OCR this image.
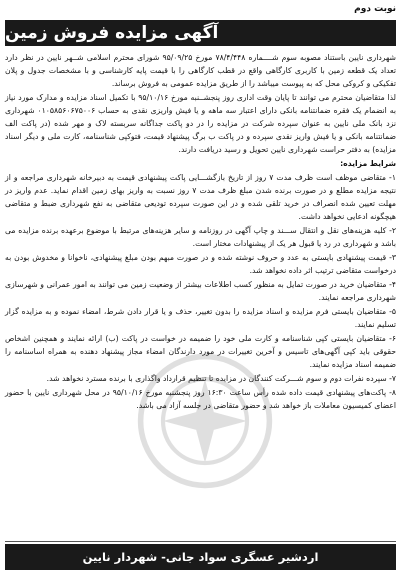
نوبت دوم
آگهی مزایده فروش زمین

شهرداری نایین باستناد مصوبه سوم شــــماره ۷۸/۴/۴۴۸ مورخ ۹۵/۰۹/۲۵ شورای محترم اسلامی شــهر نایین در نظر دارد تعداد یک قطعه زمین با کاربری کارگاهی واقع در قطب کارگاهی را با قیمت پایه کارشناسی و با مشخصات جدول و پلان تفکیکی و کروکی محل که به پیوست میباشد را از طریق مزایده عمومی به فروش برساند.

لذا متقاضیان محترم می توانند تا پایان وقت اداری روز پنجشــنبه مورخ ۹۵/۱۰/۱۶ با تکمیل اسناد مزایده و مدارک مورد نیاز به انضمام یک فقره ضمانتنامه بانکی دارای اعتبار سه ماهه و یا فیش واریزی نقدی به حساب ۰۱۰۵۸۵۶۰۶۷۵۰۰۶ شهرداری نزد بانک ملی نایین به عنوان سپرده شرکت در مزایده را در دو پاکت جداگانه سربسته لاک و مهر شده (در پاکت الف ضمانتنامه بانکی و یا فیش واریز نقدی سپرده و در پاکت ب برگ پیشنهاد قیمت، فتوکپی شناسنامه، کارت ملی و دیگر اسناد مزایده) به دفتر حراست شهرداری نایین تحویل و رسید دریافت دارند.

شرایط مزایده:

۱- متقاضی موظف است ظرف مدت ۷ روز از تاریخ بازگشـــایی پاکت پیشنهادی قیمت به دبیرخانه شهرداری مراجعه و از نتیجه مزایده مطلع و در صورت برنده شدن مبلغ ظرف مدت ۷ روز نسبت به واریز بهای زمین اقدام نماید. عدم واریز در مهلت تعیین شده انصراف در خرید تلقی شده و در این صورت سپرده تودیعی متقاضی به نفع شهرداری ضبط و متقاضی هیچگونه ادعایی نخواهد داشت.

۲- کلیه هزینه‌های نقل و انتقال ســـند و چاپ آگهی در روزنامه و سایر هزینه‌های مرتبط با موضوع برعهده برنده مزایده می باشد و شهرداری در رد یا قبول هر یک از پیشنهادات مختار است.

۳- قیمت پیشنهادی بایستی به عدد و حروف نوشته شده و در صورت مبهم بودن مبلغ پیشنهادی، ناخوانا و مخدوش بودن به درخواست متقاضی ترتیب اثر داده نخواهد شد.

۴- متقاضیان خرید در صورت تمایل به منظور کسب اطلاعات بیشتر از وضعیت زمین می توانند به امور عمرانی و شهرسازی شهرداری مراجعه نمایند.

۵- متقاضیان بایستی فرم مزایده و اسناد مزایده را بدون تغییر، حذف و یا قرار دادن شرط، امضاء نموده و به مزایده گزار تسلیم نمایند.

۶- متقاضیان بایستی کپی شناسنامه و کارت ملی خود را ضمیمه در خواست در پاکت (ب) ارائه نمایند و همچنین اشخاص حقوقی باید کپی آگهی‌های تاسیس و آخرین تغییرات در مورد دارندگان امضاء مجاز پیشنهاد دهنده به همراه اساسنامه را ضمیمه اسناد مزایده نمایند.

۷- سپرده نفرات دوم و سوم شـــرکت کنندگان در مزایده تا تنظیم قرارداد واگذاری با برنده مسترد نخواهد شد.

۸- پاکت‌های پیشنهادی قیمت داده شده رأس ساعت ۱۶:۳۰ روز پنجشنبه مورخ ۹۵/۱۰/۱۶ در محل شهرداری نایین با حضور اعضای کمیسیون معاملات باز خواهد شد و حضور متقاضی در جلسه آزاد می باشد.

اردشیر عسگری سواد جانی- شهردار نایین
